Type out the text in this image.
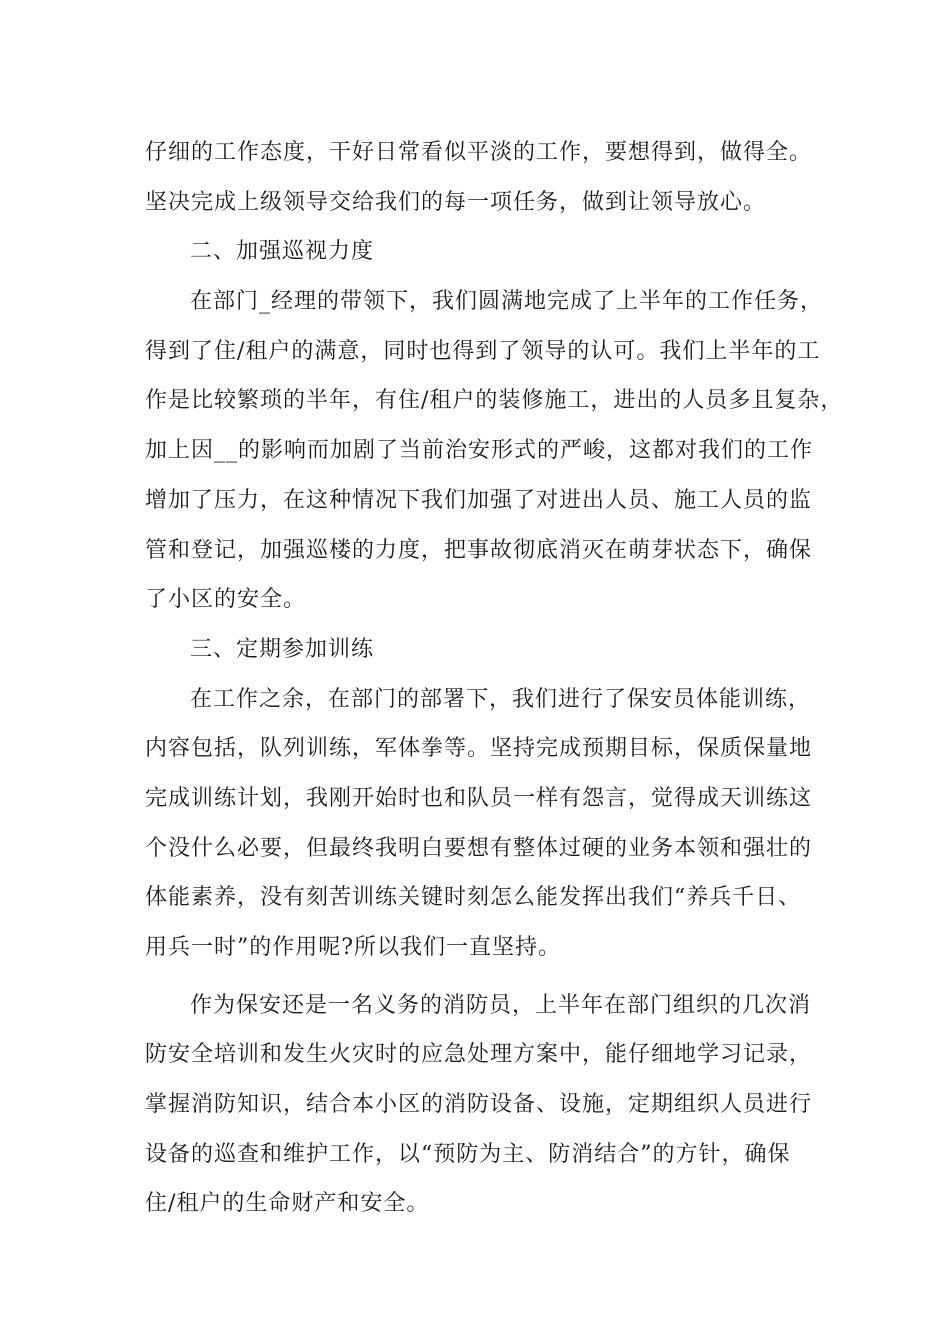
仔细的工作态度，干好日常看似平淡的工作，要想得到，做得全。
坚决完成上级领导交给我们的每一项任务，做到让领导放心。
二、加强巡视力度
在部门_经理的带领下，我们圆满地完成了上半年的工作任务，
得到了住/租户的满意，同时也得到了领导的认可。我们上半年的工
作是比较繁琐的半年，有住/租户的装修施工，进出的人员多且复杂，
加上因__的影响而加剧了当前治安形式的严峻，这都对我们的工作
增加了压力，在这种情况下我们加强了对进出人员、施工人员的监
管和登记，加强巡楼的力度，把事故彻底消灭在萌芽状态下，确保
了小区的安全。
三、定期参加训练
在工作之余，在部门的部署下，我们进行了保安员体能训练，
内容包括，队列训练，军体拳等。坚持完成预期目标，保质保量地
完成训练计划，我刚开始时也和队员一样有怨言，觉得成天训练这
个没什么必要，但最终我明白要想有整体过硬的业务本领和强壮的
体能素养，没有刻苦训练关键时刻怎么能发挥出我们“养兵千日、
用兵一时”的作用呢?所以我们一直坚持。
作为保安还是一名义务的消防员，上半年在部门组织的几次消
防安全培训和发生火灾时的应急处理方案中，能仔细地学习记录，
掌握消防知识，结合本小区的消防设备、设施，定期组织人员进行
设备的巡查和维护工作，以“预防为主、防消结合”的方针，确保
住/租户的生命财产和安全。
